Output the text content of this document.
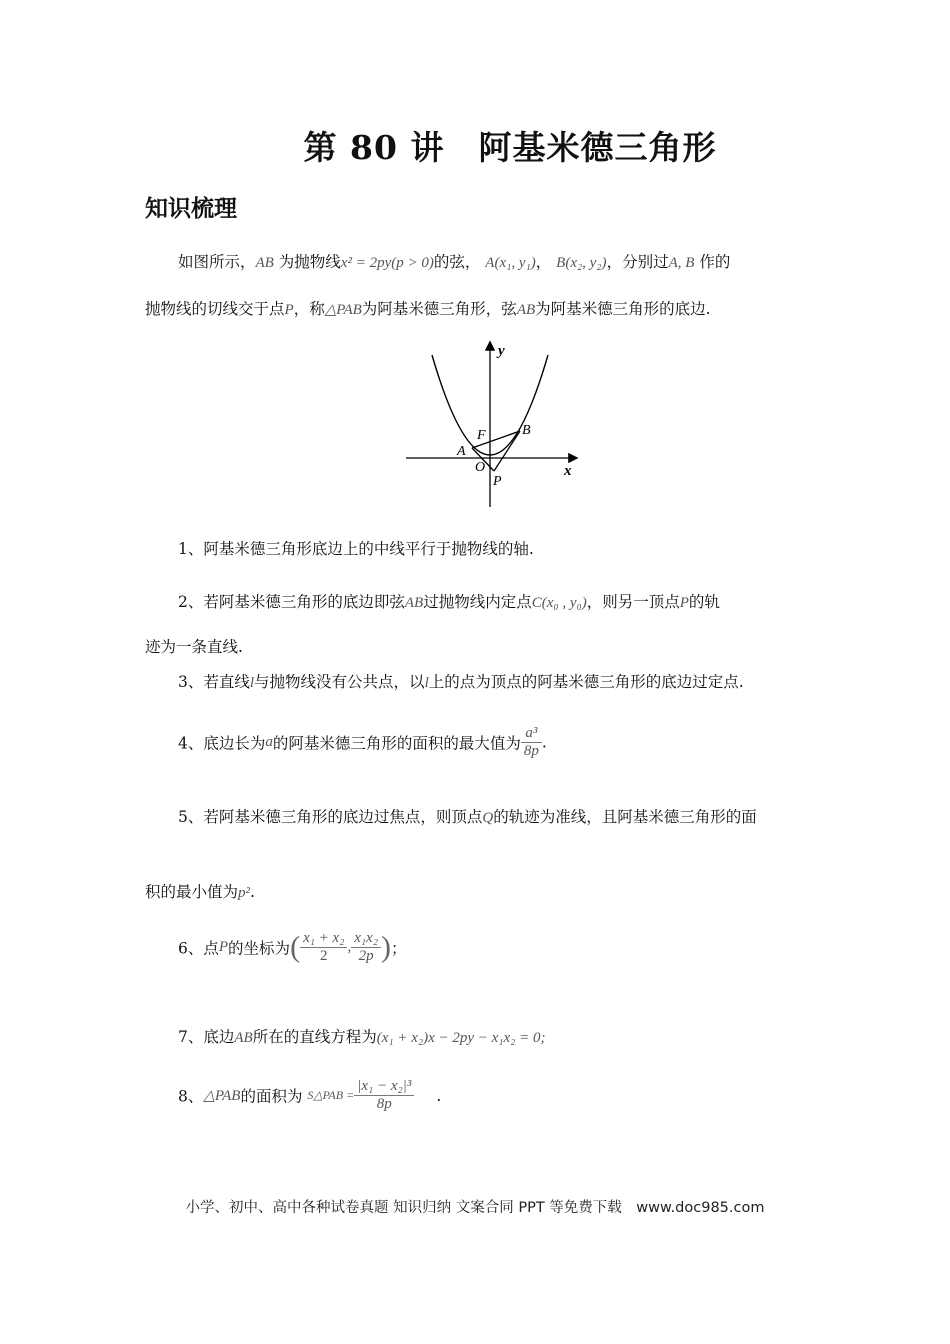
第 80 讲　阿基米德三角形
知识梳理
如图所示，AB 为抛物线x² = 2py(p > 0)的弦， A(x₁, y₁)， B(x₂, y₂)，分别过A, B 作的
抛物线的切线交于点P，称△PAB为阿基米德三角形，弦AB为阿基米德三角形的底边.
y
x
A
B
F
O
P
1、阿基米德三角形底边上的中线平行于抛物线的轴.
2、若阿基米德三角形的底边即弦AB过抛物线内定点C(x₀ , y₀)，则另一顶点P的轨
迹为一条直线.
3、若直线l与抛物线没有公共点，以l上的点为顶点的阿基米德三角形的底边过定点.
4、底边长为a的阿基米德三角形的面积的最大值为 $\frac{\text{a³}}{8p}$ .
5、若阿基米德三角形的底边过焦点，则顶点Q的轨迹为准线，且阿基米德三角形的面
积的最小值为p².
6、点P的坐标为( $\frac{\text{x₁ + x₂}}{2}$ , $\frac{\text{x₁x₂}}{2p}$ )；
7、底边AB所在的直线方程为(x₁ + x₂)x − 2py − x₁x₂ = 0;
8、△PAB的面积为 S△PAB = $\frac{\text{|x₁ − x₂|³}}{8p}$ .
小学、初中、高中各种试卷真题 知识归纳 文案合同 PPT 等免费下载　www.doc985.com
